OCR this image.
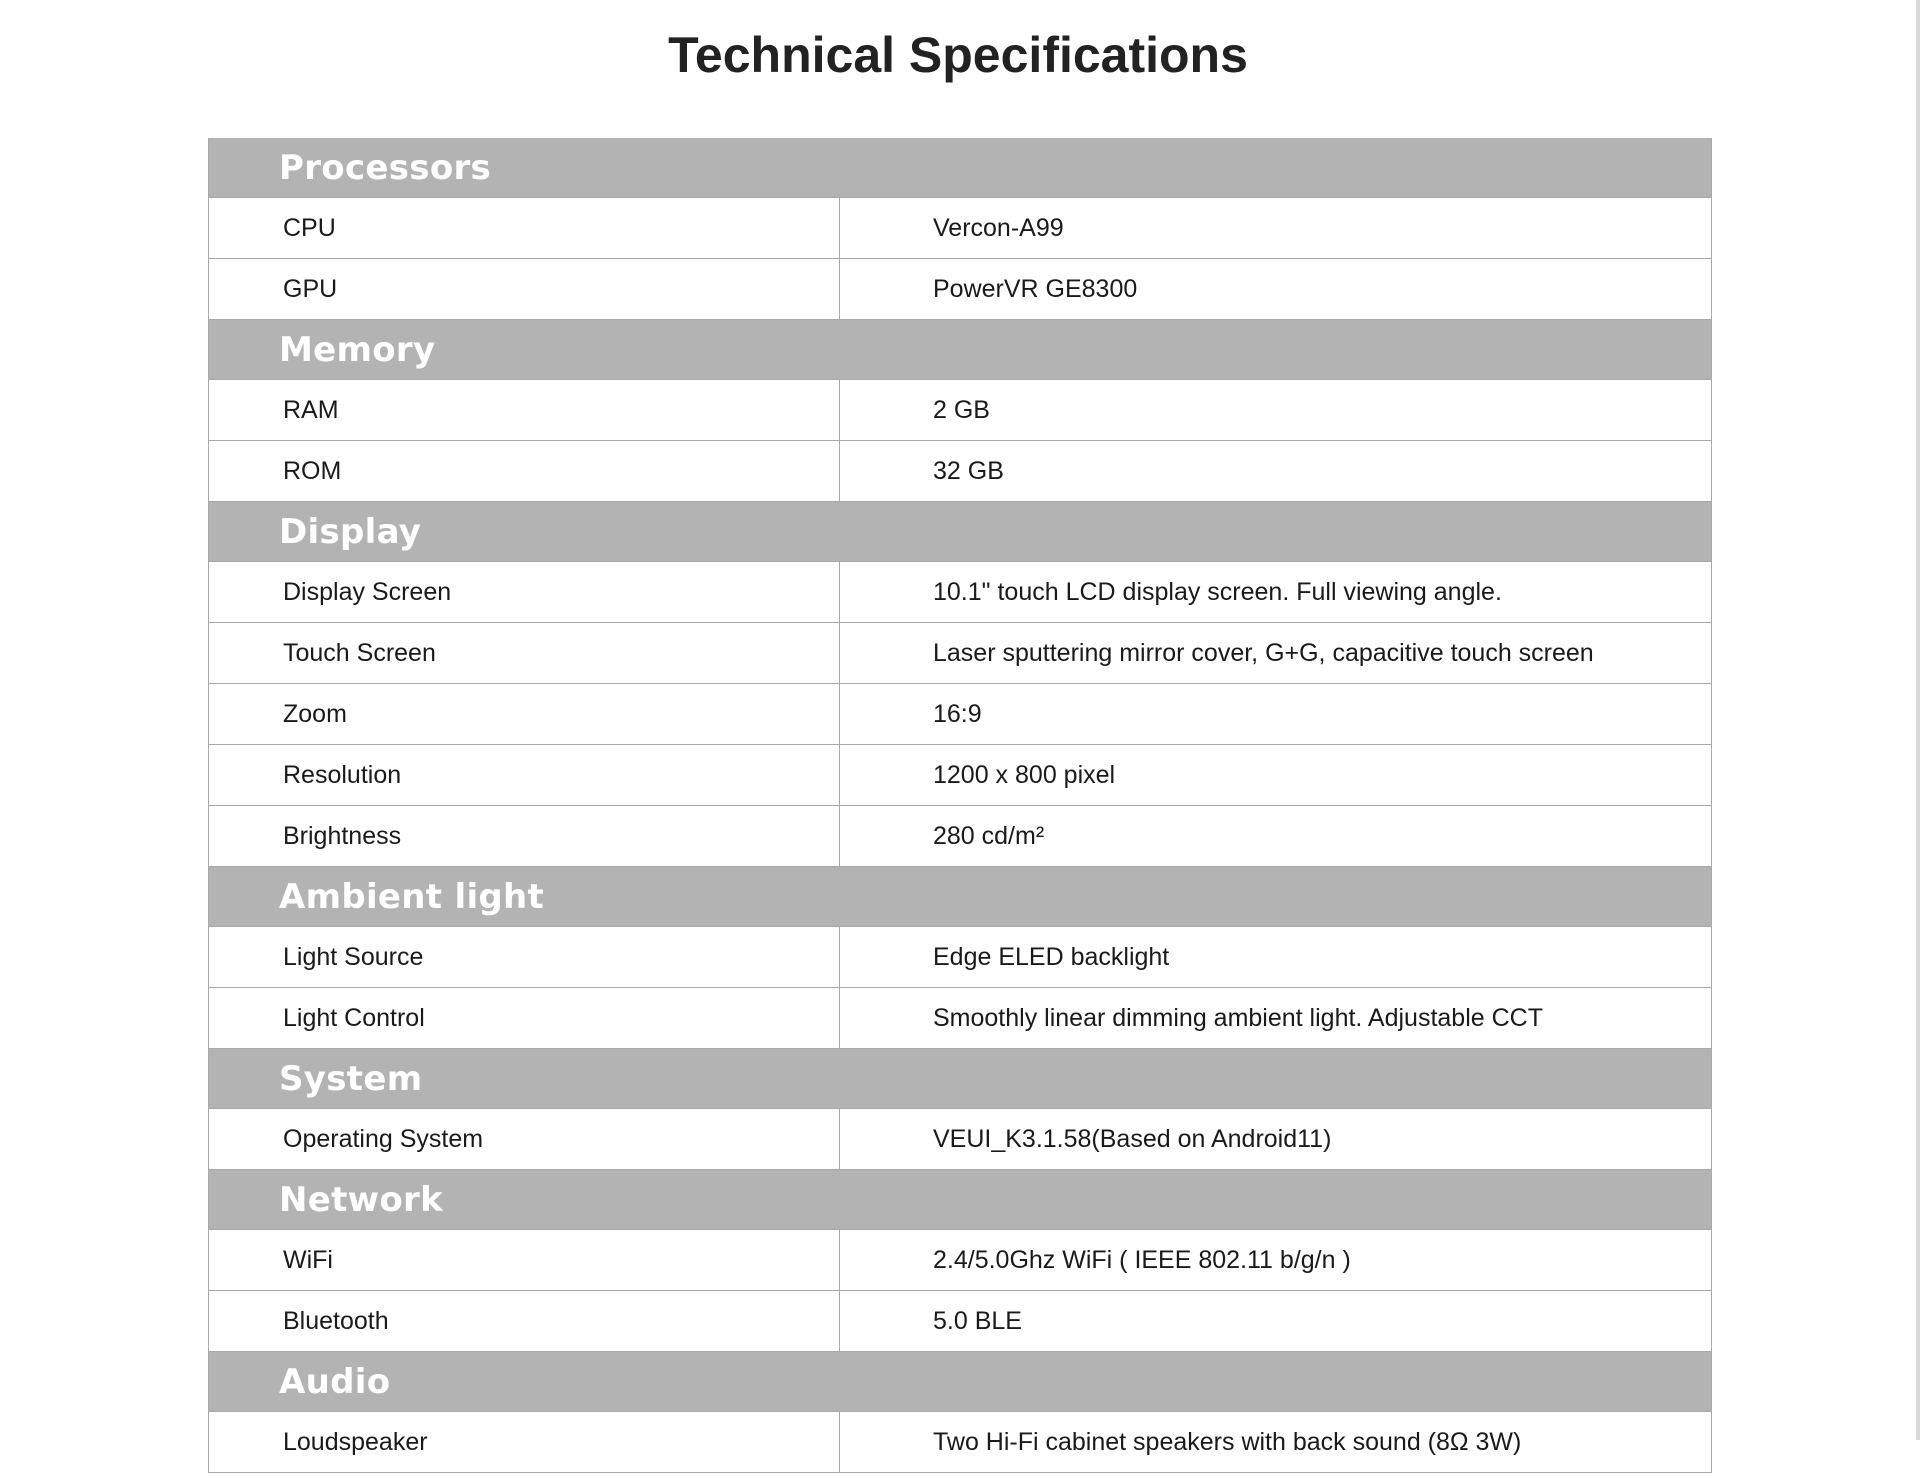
Technical Specifications
Processors	
CPU	Vercon-A99
GPU	PowerVR GE8300
Memory	
RAM	2 GB
ROM	32 GB
Display	
Display Screen	10.1" touch LCD display screen. Full viewing angle.
Touch Screen	Laser sputtering mirror cover, G+G, capacitive touch screen
Zoom	16:9
Resolution	1200 x 800 pixel
Brightness	280 cd/m²
Ambient light	
Light Source	Edge ELED backlight
Light Control	Smoothly linear dimming ambient light. Adjustable CCT
System	
Operating System	VEUI_K3.1.58(Based on Android11)
Network	
WiFi	2.4/5.0Ghz WiFi ( IEEE 802.11 b/g/n )
Bluetooth	5.0 BLE
Audio	
Loudspeaker	Two Hi-Fi cabinet speakers with back sound (8Ω 3W)
